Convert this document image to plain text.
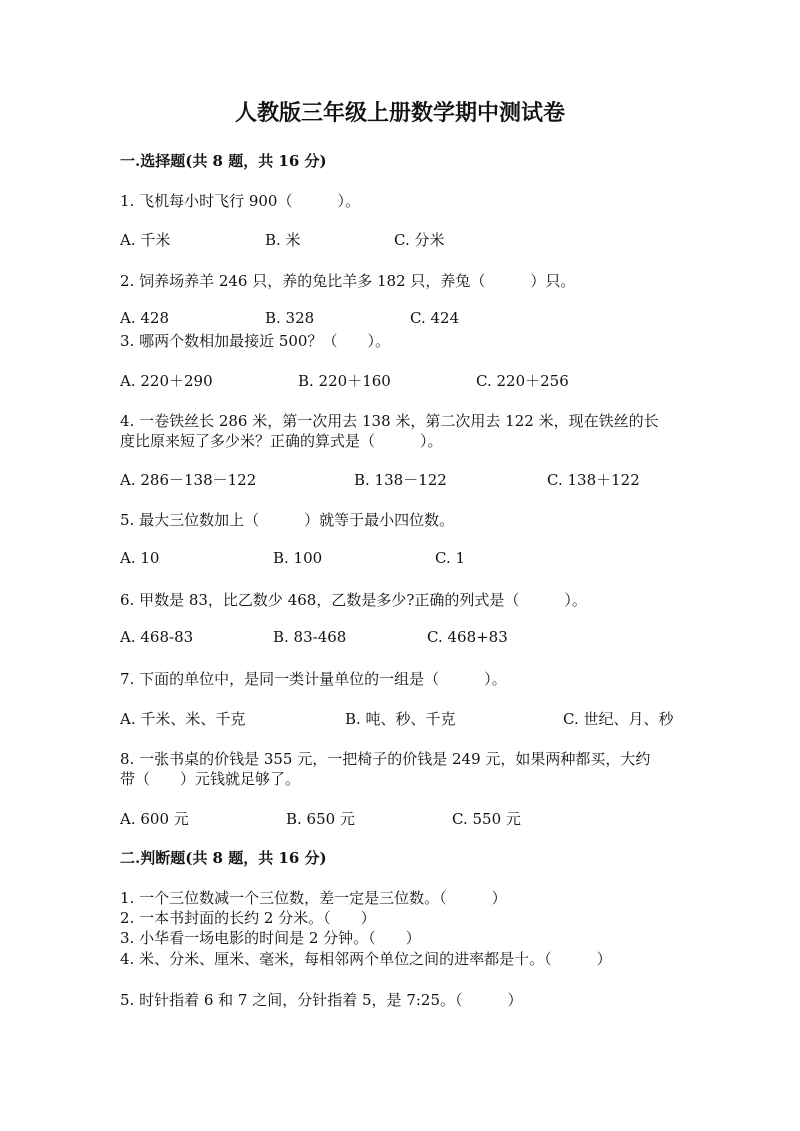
人教版三年级上册数学期中测试卷
一.选择题(共 8 题，共 16 分)
1. 飞机每小时飞行 900（　　　）。
A. 千米	B. 米	C. 分米
2. 饲养场养羊 246 只，养的兔比羊多 182 只，养兔（　　　）只。
A. 428	B. 328	C. 424
3. 哪两个数相加最接近 500？（　　）。
A. 220＋290	B. 220＋160	C. 220＋256
4. 一卷铁丝长 286 米，第一次用去 138 米，第二次用去 122 米，现在铁丝的长
度比原来短了多少米？正确的算式是（　　　）。
A. 286－138－122	B. 138－122	C. 138＋122
5. 最大三位数加上（　　　）就等于最小四位数。
A. 10	B. 100	C. 1
6. 甲数是 83，比乙数少 468，乙数是多少?正确的列式是（　　　）。
A. 468-83	B. 83-468	C. 468+83
7. 下面的单位中，是同一类计量单位的一组是（　　　）。
A. 千米、米、千克	B. 吨、秒、千克	C. 世纪、月、秒
8. 一张书桌的价钱是 355 元，一把椅子的价钱是 249 元，如果两种都买，大约
带（　　）元钱就足够了。
A. 600 元	B. 650 元	C. 550 元
二.判断题(共 8 题，共 16 分)
1. 一个三位数减一个三位数，差一定是三位数。（　　　）
2. 一本书封面的长约 2 分米。（　　）
3. 小华看一场电影的时间是 2 分钟。（　　）
4. 米、分米、厘米、毫米，每相邻两个单位之间的进率都是十。（　　　）
5. 时针指着 6 和 7 之间，分针指着 5，是 7:25。（　　　）
